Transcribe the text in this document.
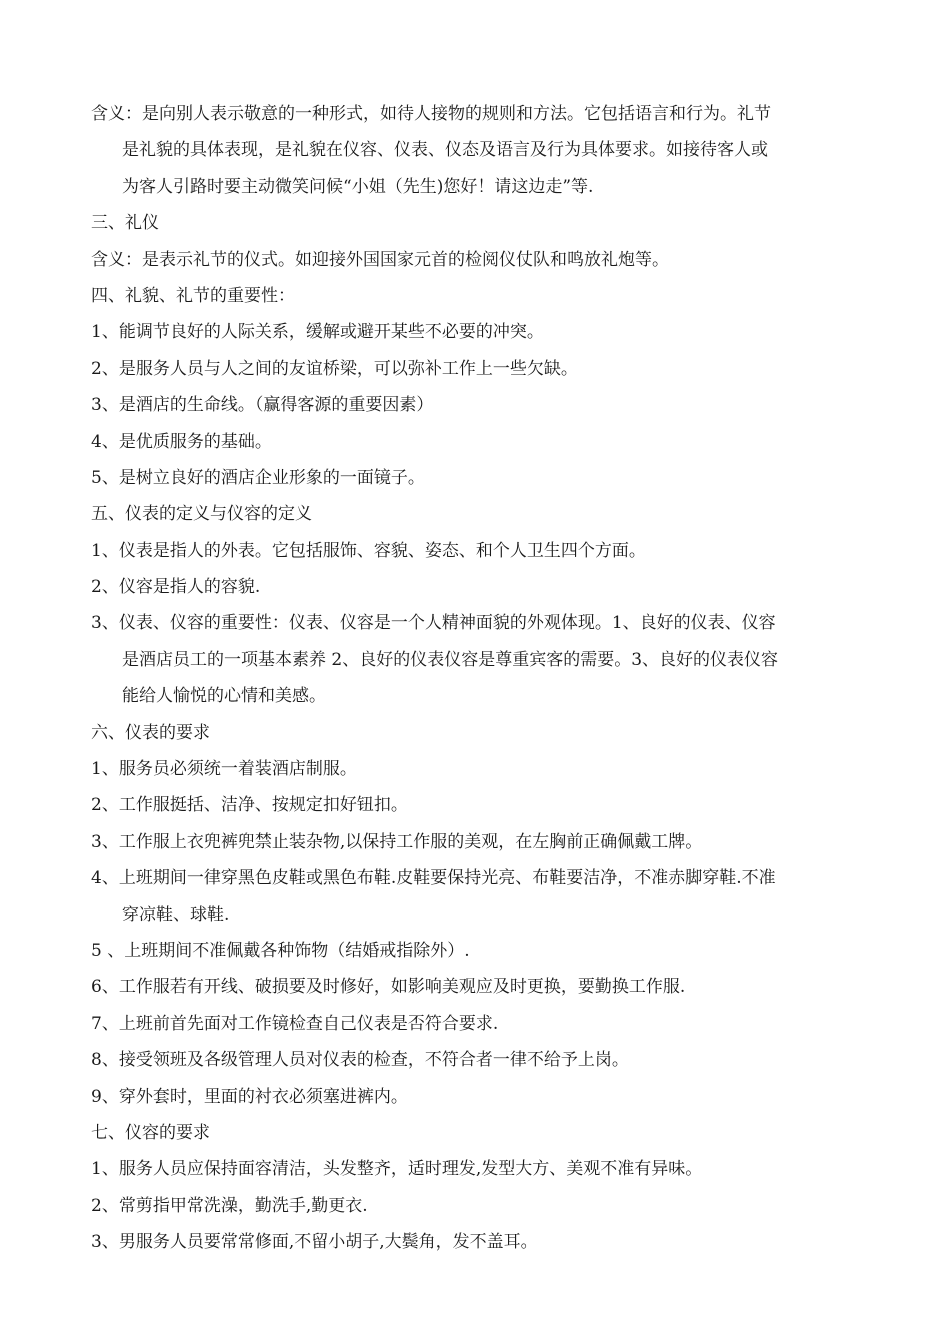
含义：是向别人表示敬意的一种形式，如待人接物的规则和方法。它包括语言和行为。礼节
是礼貌的具体表现，是礼貌在仪容、仪表、仪态及语言及行为具体要求。如接待客人或
为客人引路时要主动微笑问候“小姐（先生)您好！请这边走”等.
三、礼仪
含义：是表示礼节的仪式。如迎接外国国家元首的检阅仪仗队和鸣放礼炮等。
四、礼貌、礼节的重要性：
1、能调节良好的人际关系，缓解或避开某些不必要的冲突。
2、是服务人员与人之间的友谊桥梁，可以弥补工作上一些欠缺。
3、是酒店的生命线。（赢得客源的重要因素）
4、是优质服务的基础。
5、是树立良好的酒店企业形象的一面镜子。
五、仪表的定义与仪容的定义
1、仪表是指人的外表。它包括服饰、容貌、姿态、和个人卫生四个方面。
2、仪容是指人的容貌.
3、仪表、仪容的重要性：仪表、仪容是一个人精神面貌的外观体现。1、良好的仪表、仪容
是酒店员工的一项基本素养 2、良好的仪表仪容是尊重宾客的需要。3、良好的仪表仪容
能给人愉悦的心情和美感。
六、仪表的要求
1、服务员必须统一着装酒店制服。
2、工作服挺括、洁净、按规定扣好钮扣。
3、工作服上衣兜裤兜禁止装杂物,以保持工作服的美观，在左胸前正确佩戴工牌。
4、上班期间一律穿黑色皮鞋或黑色布鞋.皮鞋要保持光亮、布鞋要洁净，不准赤脚穿鞋.不准
穿凉鞋、球鞋.
5 、上班期间不准佩戴各种饰物（结婚戒指除外）.
6、工作服若有开线、破损要及时修好，如影响美观应及时更换，要勤换工作服.
7、上班前首先面对工作镜检查自己仪表是否符合要求.
8、接受领班及各级管理人员对仪表的检查，不符合者一律不给予上岗。
9、穿外套时，里面的衬衣必须塞进裤内。
七、仪容的要求
1、服务人员应保持面容清洁，头发整齐，适时理发,发型大方、美观不准有异味。
2、常剪指甲常洗澡，勤洗手,勤更衣.
3、男服务人员要常常修面,不留小胡子,大鬓角，发不盖耳。
